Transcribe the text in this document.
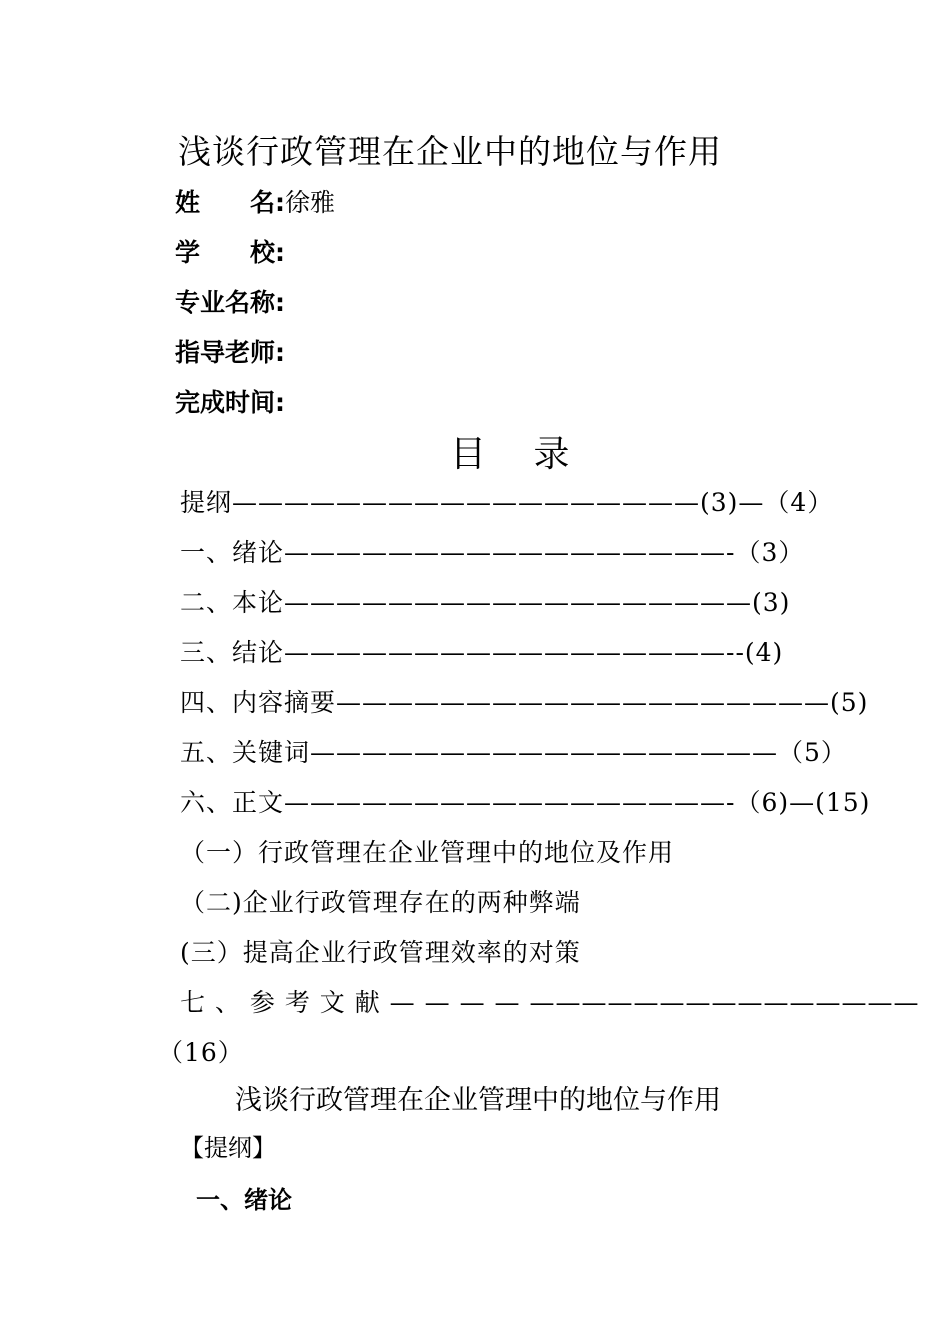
浅谈行政管理在企业中的地位与作用
姓　　名:徐雅
学　　校:
专业名称:
指导老师:
完成时间:
目 录
提纲——————————————————(3)—（4）
一、绪论—————————————————-（3）
二、本论——————————————————(3)
三、结论—————————————————--(4)
四、内容摘要———————————————————(5)
五、关键词——————————————————（5）
六、正文—————————————————-（6)—(15)
（一）行政管理在企业管理中的地位及作用
（二)企业行政管理存在的两种弊端
(三）提高企业行政管理效率的对策
七 、 参 考 文 献 — — — — ———————————————
（16）
浅谈行政管理在企业管理中的地位与作用
【提纲】
一、绪论
